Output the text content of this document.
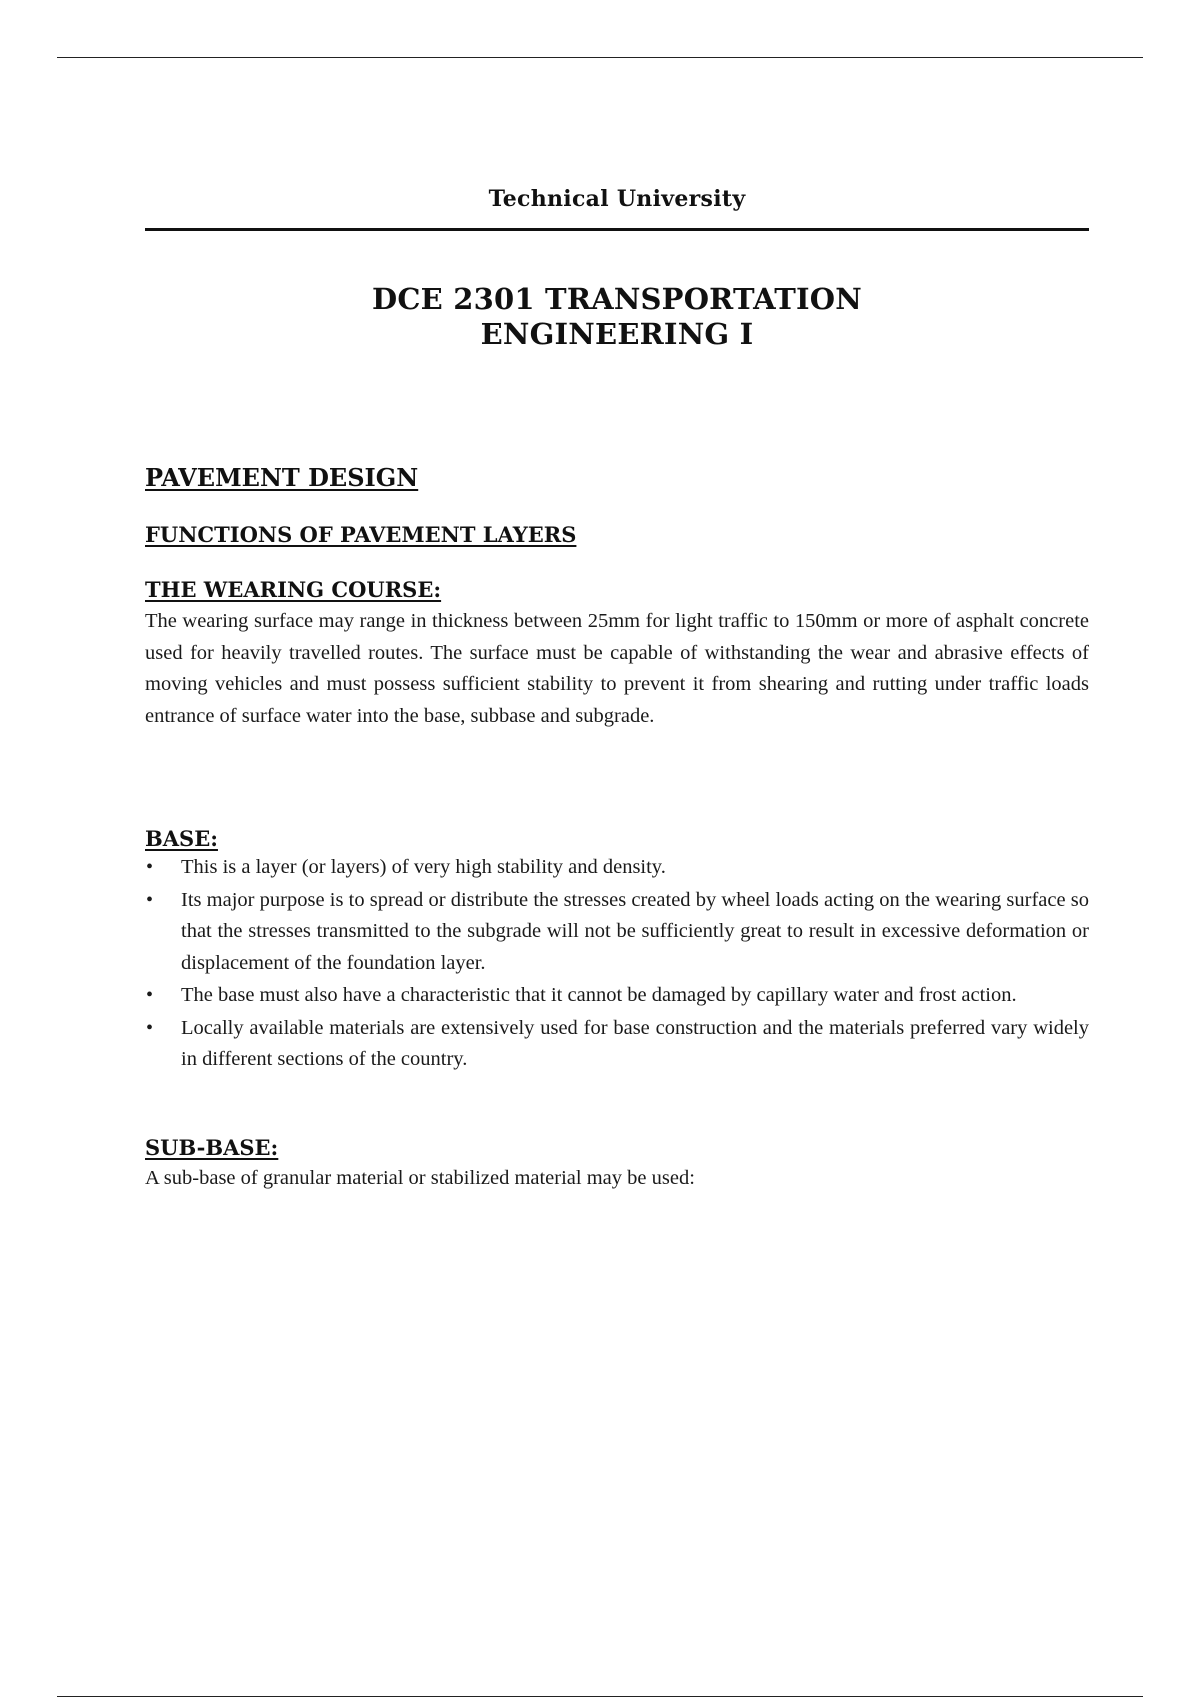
Technical University
DCE 2301 TRANSPORTATION
ENGINEERING I
PAVEMENT DESIGN
FUNCTIONS OF PAVEMENT LAYERS
THE WEARING COURSE:
The wearing surface may range in thickness between 25mm for light traffic to 150mm or more of asphalt concrete used for heavily travelled routes. The surface must be capable of withstanding the wear and abrasive effects of moving vehicles and must possess sufficient stability to prevent it from shearing and rutting under traffic loads entrance of surface water into the base, subbase and subgrade.
BASE:
• This is a layer (or layers) of very high stability and density.
• Its major purpose is to spread or distribute the stresses created by wheel loads acting on the wearing surface so that the stresses transmitted to the subgrade will not be sufficiently great to result in excessive deformation or displacement of the foundation layer.
• The base must also have a characteristic that it cannot be damaged by capillary water and frost action.
• Locally available materials are extensively used for base construction and the materials preferred vary widely in different sections of the country.
SUB-BASE:
A sub-base of granular material or stabilized material may be used:
